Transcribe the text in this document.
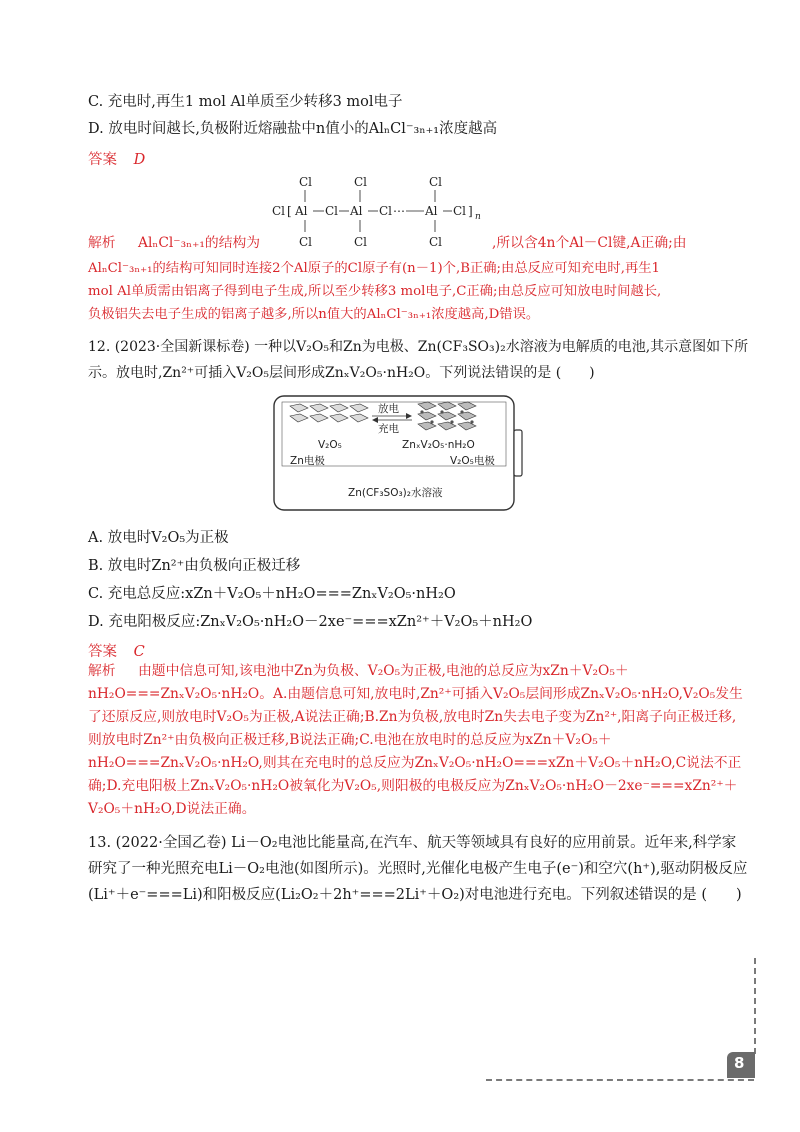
C. 充电时,再生1 mol Al单质至少转移3 mol电子
D. 放电时间越长,负极附近熔融盐中n值小的AlₙCl⁻₃ₙ₊₁浓度越高
答案 D
Cl	Cl	Cl
Cl [ Al Cl Al Cl ⋯ Al Cl ] n
Cl	Cl	Cl
解析 AlₙCl⁻₃ₙ₊₁的结构为	,所以含4n个Al－Cl键,A正确;由
AlₙCl⁻₃ₙ₊₁的结构可知同时连接2个Al原子的Cl原子有(n－1)个,B正确;由总反应可知充电时,再生1
mol Al单质需由铝离子得到电子生成,所以至少转移3 mol电子,C正确;由总反应可知放电时间越长,
负极铝失去电子生成的铝离子越多,所以n值大的AlₙCl⁻₃ₙ₊₁浓度越高,D错误。
12. (2023·全国新课标卷) 一种以V₂O₅和Zn为电极、Zn(CF₃SO₃)₂水溶液为电解质的电池,其示意图如下所
示。放电时,Zn²⁺可插入V₂O₅层间形成ZnₓV₂O₅·nH₂O。下列说法错误的是 (　　)
放电
充电
V₂O₅	ZnₓV₂O₅·nH₂O
Zn电极	V₂O₅电极
Zn(CF₃SO₃)₂水溶液
A. 放电时V₂O₅为正极
B. 放电时Zn²⁺由负极向正极迁移
C. 充电总反应:xZn＋V₂O₅＋nH₂O===ZnₓV₂O₅·nH₂O
D. 充电阳极反应:ZnₓV₂O₅·nH₂O－2xe⁻===xZn²⁺＋V₂O₅＋nH₂O
答案 C
解析 由题中信息可知,该电池中Zn为负极、V₂O₅为正极,电池的总反应为xZn＋V₂O₅＋nH₂O===ZnₓV₂O₅·nH₂O。A.由题信息可知,放电时,Zn²⁺可插入V₂O₅层间形成ZnₓV₂O₅·nH₂O,V₂O₅发生了还原反应,则放电时V₂O₅为正极,A说法正确;B.Zn为负极,放电时Zn失去电子变为Zn²⁺,阳离子向正极迁移,则放电时Zn²⁺由负极向正极迁移,B说法正确;C.电池在放电时的总反应为xZn＋V₂O₅＋nH₂O===ZnₓV₂O₅·nH₂O,则其在充电时的总反应为ZnₓV₂O₅·nH₂O===xZn＋V₂O₅＋nH₂O,C说法不正确;D.充电阳极上ZnₓV₂O₅·nH₂O被氧化为V₂O₅,则阳极的电极反应为ZnₓV₂O₅·nH₂O－2xe⁻===xZn²⁺＋V₂O₅＋nH₂O,D说法正确。
13. (2022·全国乙卷) Li－O₂电池比能量高,在汽车、航天等领域具有良好的应用前景。近年来,科学家研究了一种光照充电Li－O₂电池(如图所示)。光照时,光催化电极产生电子(e⁻)和空穴(h⁺),驱动阴极反应(Li⁺＋e⁻===Li)和阳极反应(Li₂O₂＋2h⁺===2Li⁺＋O₂)对电池进行充电。下列叙述错误的是 (　　)
8
